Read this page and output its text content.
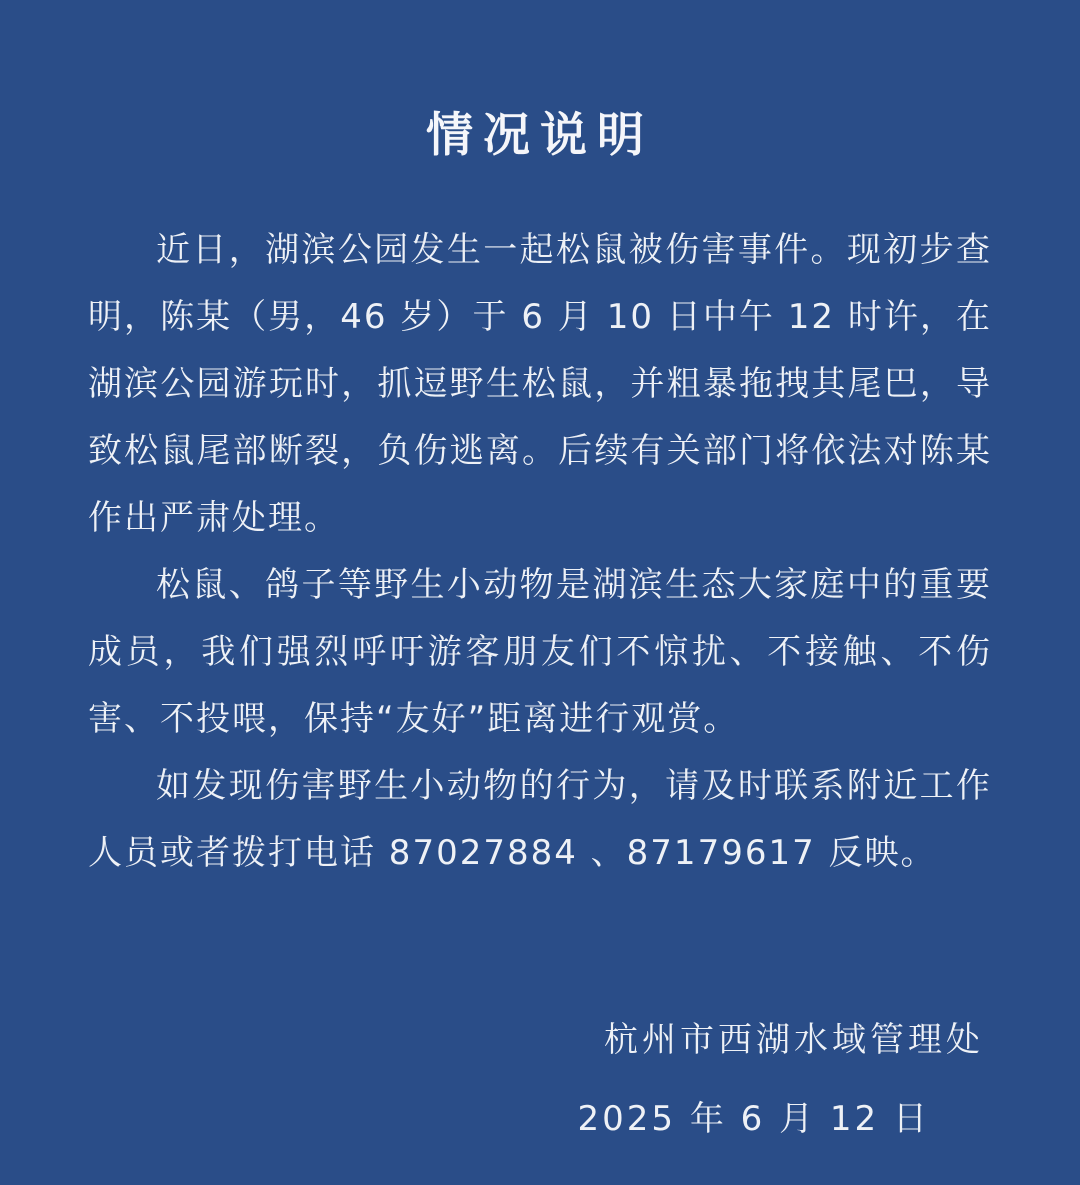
情况说明

近日，湖滨公园发生一起松鼠被伤害事件。现初步查明，陈某（男，46 岁）于 6 月 10 日中午 12 时许，在湖滨公园游玩时，抓逗野生松鼠，并粗暴拖拽其尾巴，导致松鼠尾部断裂，负伤逃离。后续有关部门将依法对陈某作出严肃处理。

松鼠、鸽子等野生小动物是湖滨生态大家庭中的重要成员，我们强烈呼吁游客朋友们不惊扰、不接触、不伤害、不投喂，保持“友好”距离进行观赏。

如发现伤害野生小动物的行为，请及时联系附近工作人员或者拨打电话 87027884 、87179617 反映。

杭州市西湖水域管理处
2025 年 6 月 12 日
